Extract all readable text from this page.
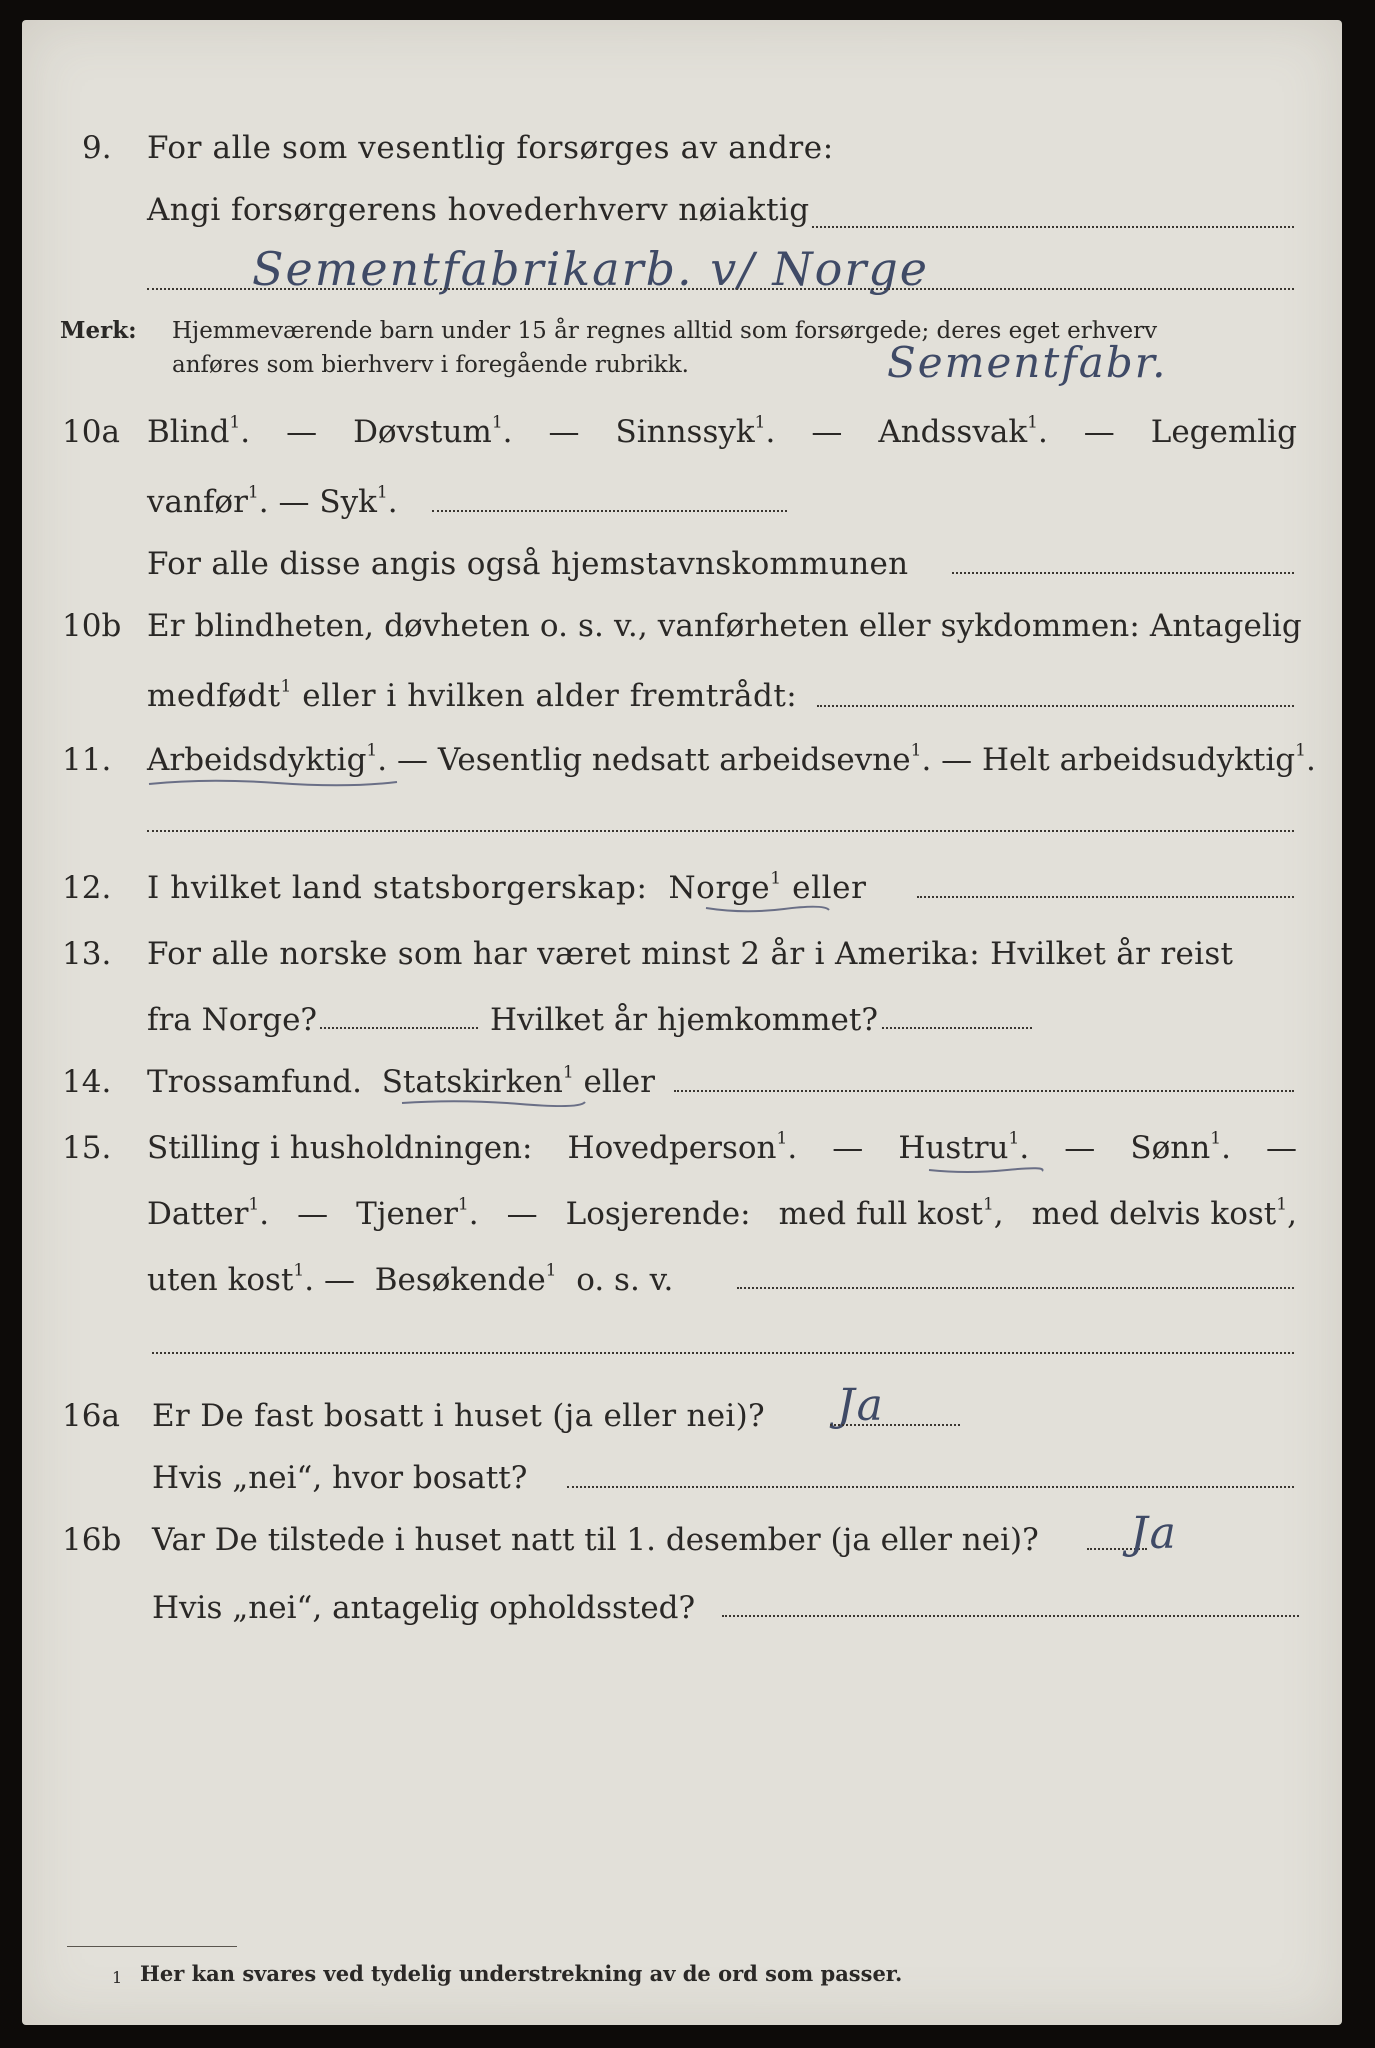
9. For alle som vesentlig forsørges av andre:
Angi forsørgerens hovederhverv nøiaktig
Sementfabrikarb. v/ Norge
Merk: Hjemmeværende barn under 15 år regnes alltid som forsørgede; deres eget erhverv
anføres som bierhverv i foregående rubrikk.	Sementfabr.
10a Blind$^1$. — Døvstum$^1$. — Sinnssyk$^1$. — Andssvak$^1$. — Legemlig
vanfør$^1$. — Syk$^1$.
For alle disse angis også hjemstavnskommunen
10b Er blindheten, døvheten o. s. v., vanførheten eller sykdommen: Antagelig
medfødt$^1$ eller i hvilken alder fremtrådt:
11. Arbeidsdyktig$^1$. — Vesentlig nedsatt arbeidsevne$^1$. — Helt arbeidsudyktig$^1$.
12. I hvilket land statsborgerskap: Norge$^1$ eller
13. For alle norske som har været minst 2 år i Amerika: Hvilket år reist
fra Norge?	Hvilket år hjemkommet?
14. Trossamfund. Statskirken$^1$ eller
15. Stilling i husholdningen: Hovedperson$^1$. — Hustru$^1$. — Sønn$^1$. —
Datter$^1$. — Tjener$^1$. — Losjerende: med full kost$^1$, med delvis kost$^1$,
uten kost$^1$. — Besøkende$^1$ o. s. v.
16a Er De fast bosatt i huset (ja eller nei)? Ja
Hvis „nei“, hvor bosatt?
16b Var De tilstede i huset natt til 1. desember (ja eller nei)? Ja
Hvis „nei“, antagelig opholdssted?
1 Her kan svares ved tydelig understrekning av de ord som passer.
